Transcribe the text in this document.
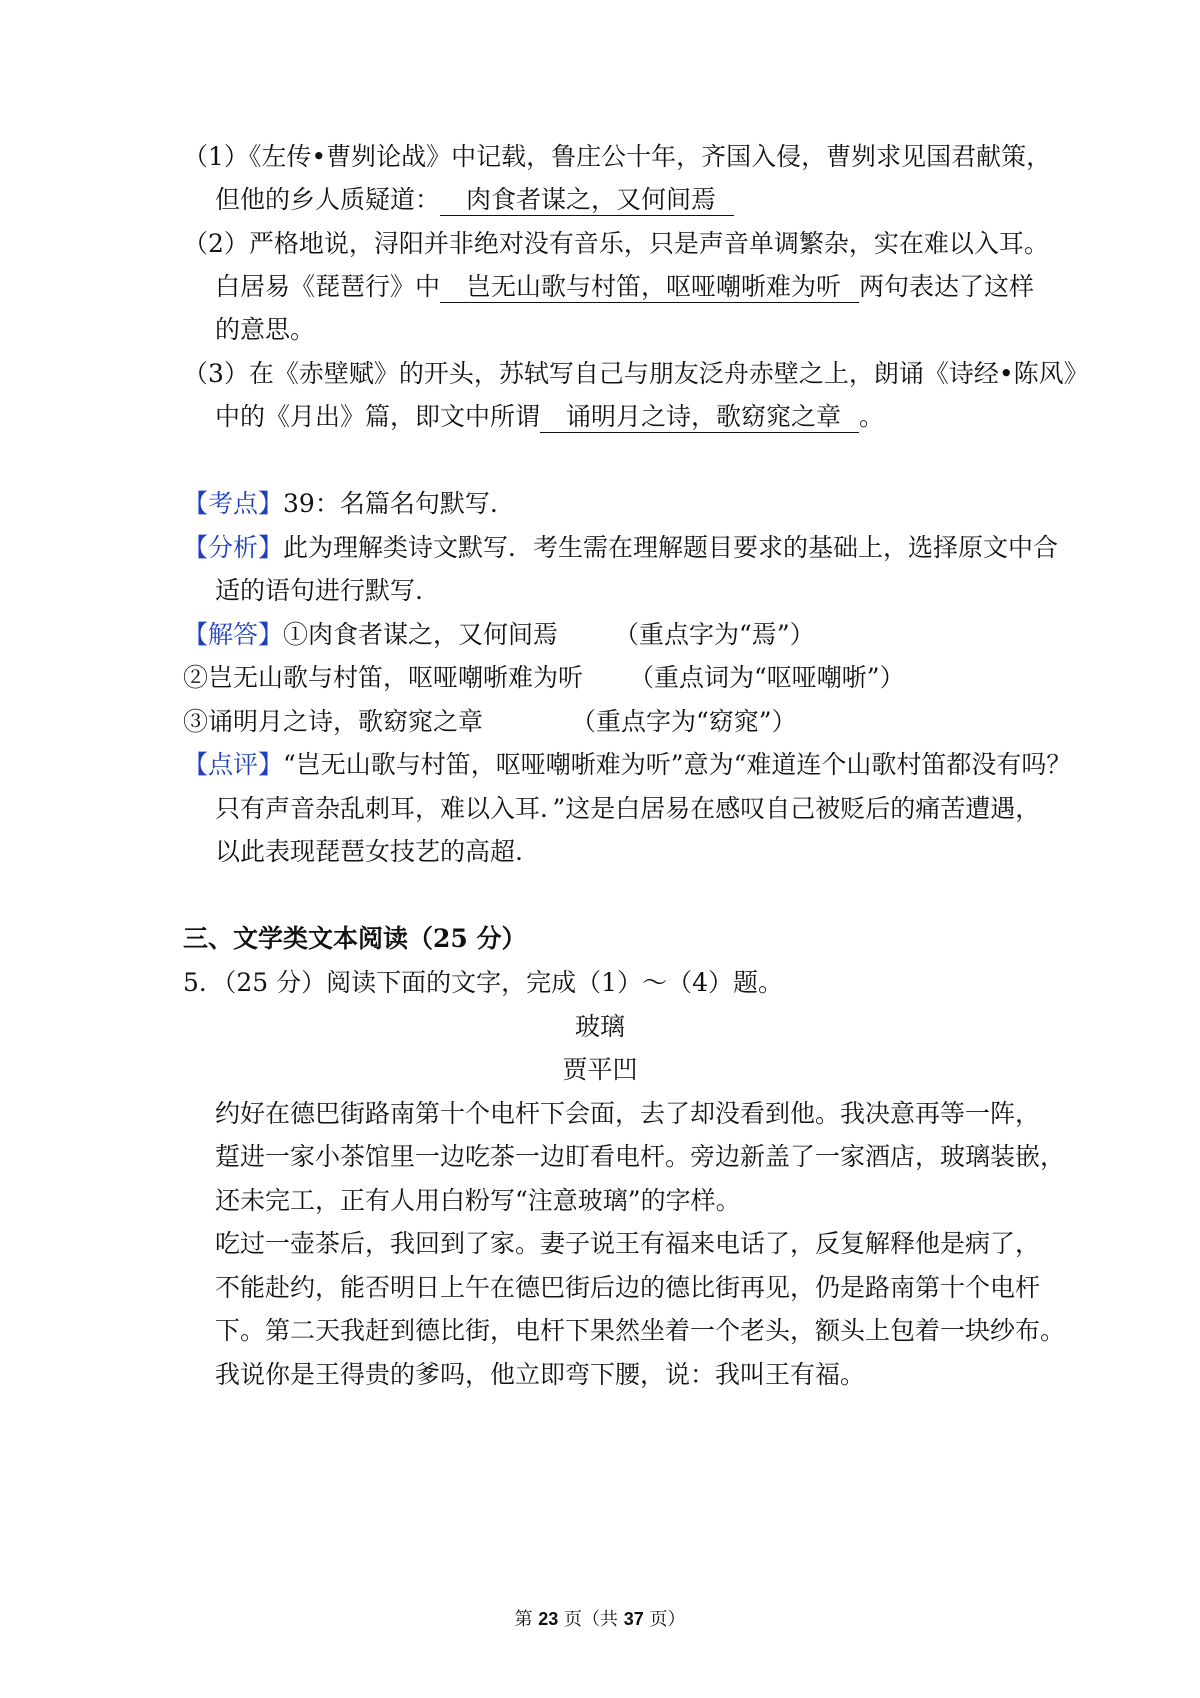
（1）《左传•曹刿论战》中记载，鲁庄公十年，齐国入侵，曹刿求见国君献策，
但他的乡人质疑道： 肉食者谋之，又何间焉
（2）严格地说，浔阳并非绝对没有音乐，只是声音单调繁杂，实在难以入耳。
白居易《琵琶行》中 岂无山歌与村笛，呕哑嘲哳难为听 两句表达了这样
的意思。
（3）在《赤壁赋》的开头，苏轼写自己与朋友泛舟赤壁之上，朗诵《诗经•陈风》
中的《月出》篇，即文中所谓 诵明月之诗，歌窈窕之章 。
【考点】39：名篇名句默写.
【分析】此为理解类诗文默写．考生需在理解题目要求的基础上，选择原文中合
适的语句进行默写.
【解答】①肉食者谋之，又何间焉 （重点字为“焉”）
②岂无山歌与村笛，呕哑嘲哳难为听 （重点词为“呕哑嘲哳”）
③诵明月之诗，歌窈窕之章	（重点字为“窈窕”）
【点评】“岂无山歌与村笛，呕哑嘲哳难为听”意为“难道连个山歌村笛都没有吗？
只有声音杂乱刺耳，难以入耳．”这是白居易在感叹自己被贬后的痛苦遭遇，
以此表现琵琶女技艺的高超.
三、文学类文本阅读（25 分）
5．（25 分）阅读下面的文字，完成（1）～（4）题。
玻璃
贾平凹
约好在德巴街路南第十个电杆下会面，去了却没看到他。我决意再等一阵，
踅进一家小茶馆里一边吃茶一边盯看电杆。旁边新盖了一家酒店，玻璃装嵌，
还未完工，正有人用白粉写“注意玻璃”的字样。
吃过一壶茶后，我回到了家。妻子说王有福来电话了，反复解释他是病了，
不能赴约，能否明日上午在德巴街后边的德比街再见，仍是路南第十个电杆
下。第二天我赶到德比街，电杆下果然坐着一个老头，额头上包着一块纱布。
我说你是王得贵的爹吗，他立即弯下腰，说：我叫王有福。
第 23 页（共 37 页）
